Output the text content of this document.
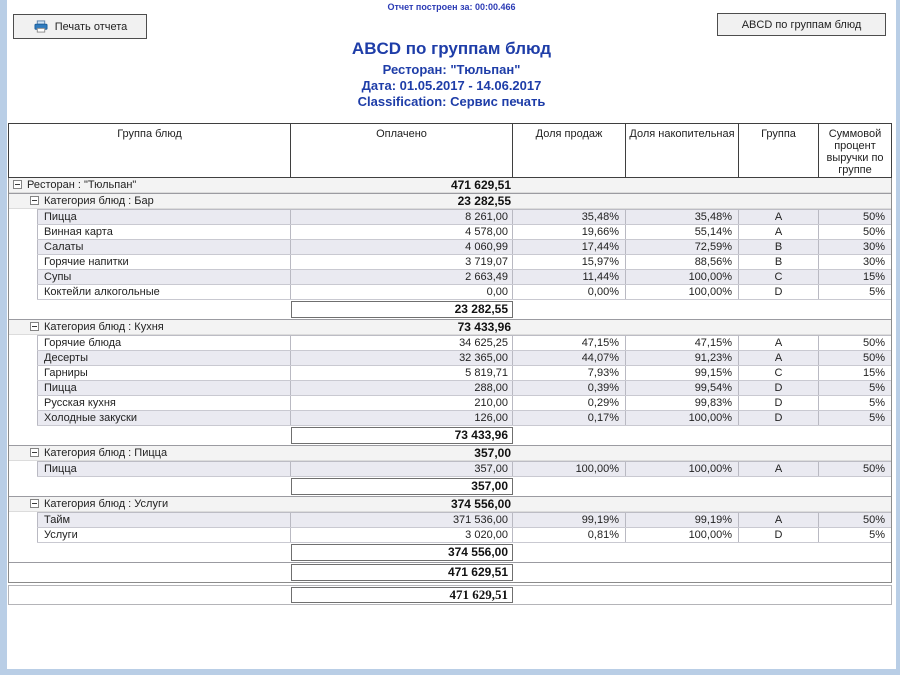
Отчет построен за: 00:00.466
Печать отчета	ABCD по группам блюд
ABCD по группам блюд
Ресторан: "Тюльпан"
Дата: 01.05.2017 - 14.06.2017
Classification: Сервис печать
Группа блюд	Оплачено	Доля продаж	Доля накопительная	Группа	Суммовой процент выручки по группе
Ресторан : "Тюльпан"	471 629,51
Категория блюд : Бар	23 282,55
Пицца	8 261,00	35,48%	35,48%	A	50%
Винная карта	4 578,00	19,66%	55,14%	A	50%
Салаты	4 060,99	17,44%	72,59%	B	30%
Горячие напитки	3 719,07	15,97%	88,56%	B	30%
Супы	2 663,49	11,44%	100,00%	C	15%
Коктейли алкогольные	0,00	0,00%	100,00%	D	5%
23 282,55
Категория блюд : Кухня	73 433,96
Горячие блюда	34 625,25	47,15%	47,15%	A	50%
Десерты	32 365,00	44,07%	91,23%	A	50%
Гарниры	5 819,71	7,93%	99,15%	C	15%
Пицца	288,00	0,39%	99,54%	D	5%
Русская кухня	210,00	0,29%	99,83%	D	5%
Холодные закуски	126,00	0,17%	100,00%	D	5%
73 433,96
Категория блюд : Пицца	357,00
Пицца	357,00	100,00%	100,00%	A	50%
357,00
Категория блюд : Услуги	374 556,00
Тайм	371 536,00	99,19%	99,19%	A	50%
Услуги	3 020,00	0,81%	100,00%	D	5%
374 556,00
471 629,51
471 629,51
